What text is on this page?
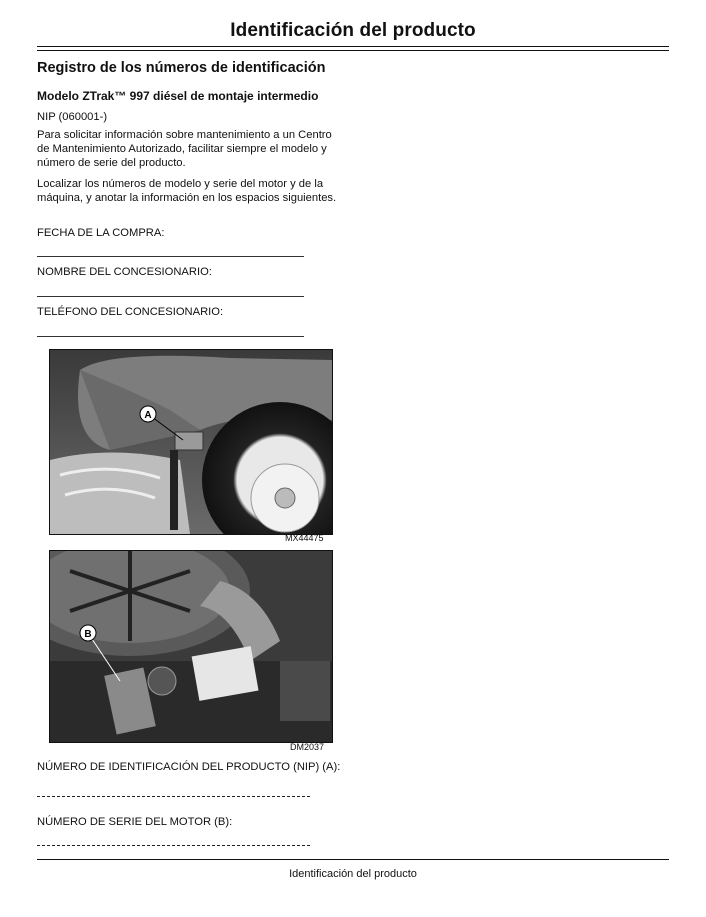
Identificación del producto
Registro de los números de identificación
Modelo ZTrak™ 997 diésel de montaje intermedio
NIP (060001-)
Para solicitar información sobre mantenimiento a un Centro de Mantenimiento Autorizado, facilitar siempre el modelo y número de serie del producto.
Localizar los números de modelo y serie del motor y de la máquina, y anotar la información en los espacios siguientes.
FECHA DE LA COMPRA:
NOMBRE DEL CONCESIONARIO:
TELÉFONO DEL CONCESIONARIO:
A
MX44475
B
DM2037
NÚMERO DE IDENTIFICACIÓN DEL PRODUCTO (NIP) (A):
NÚMERO DE SERIE DEL MOTOR (B):
Identificación del producto
